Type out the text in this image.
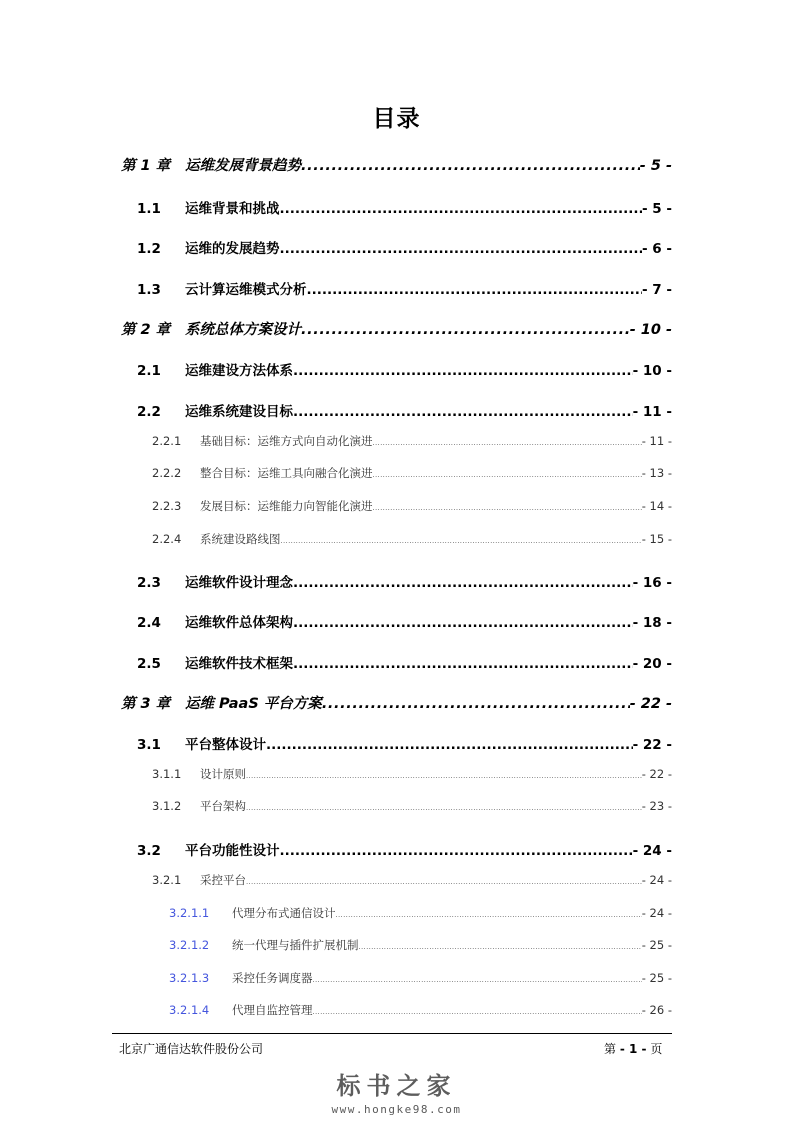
目录
第 1 章	运维发展背景趋势 .....	- 5 -
1.1	运维背景和挑战 .....	- 5 -
1.2	运维的发展趋势 .....	- 6 -
1.3	云计算运维模式分析 .....	- 7 -
第 2 章	系统总体方案设计 .....	- 10 -
2.1	运维建设方法体系 .....	- 10 -
2.2	运维系统建设目标 .....	- 11 -
2.2.1	基础目标：运维方式向自动化演进 .....	- 11 -
2.2.2	整合目标：运维工具向融合化演进 .....	- 13 -
2.2.3	发展目标：运维能力向智能化演进 .....	- 14 -
2.2.4	系统建设路线图 .....	- 15 -
2.3	运维软件设计理念 .....	- 16 -
2.4	运维软件总体架构 .....	- 18 -
2.5	运维软件技术框架 .....	- 20 -
第 3 章	运维 PaaS 平台方案 .....	- 22 -
3.1	平台整体设计 .....	- 22 -
3.1.1	设计原则 .....	- 22 -
3.1.2	平台架构 .....	- 23 -
3.2	平台功能性设计 .....	- 24 -
3.2.1	采控平台 .....	- 24 -
3.2.1.1	代理分布式通信设计 .....	- 24 -
3.2.1.2	统一代理与插件扩展机制 .....	- 25 -
3.2.1.3	采控任务调度器 .....	- 25 -
3.2.1.4	代理自监控管理 .....	- 26 -
北京广通信达软件股份公司	第 - 1 - 页
标书之家
www.hongke98.com
